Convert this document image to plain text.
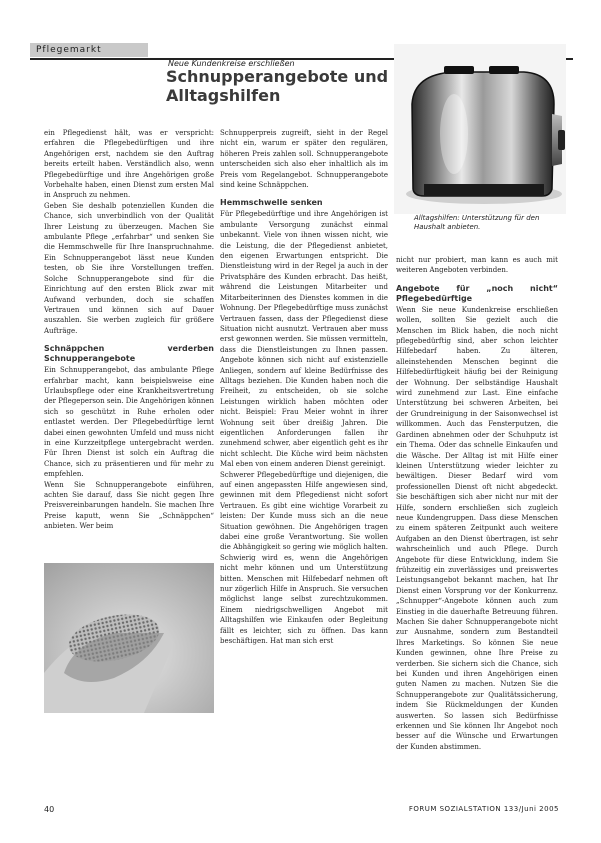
Pflegemarkt
Neue Kundenkreise erschließen
Schnupperangebote und
Alltagshilfen
Alltagshilfen: Unterstützung für den Haushalt anbieten.

ein Pflegedienst hält, was er verspricht: erfahren die Pflegebedürftigen und ihre Angehörigen erst, nachdem sie den Auftrag bereits erteilt haben. Verständlich also, wenn Pflegebedürftige und ihre Angehörigen große Vorbehalte haben, einen Dienst zum ersten Mal in Anspruch zu nehmen.

Geben Sie deshalb potenziellen Kunden die Chance, sich unverbindlich von der Qualität Ihrer Leistung zu überzeugen. Machen Sie ambulante Pflege „erfahrbar“ und senken Sie die Hemmschwelle für Ihre Inanspruchnahme. Ein Schnupperangebot lässt neue Kunden testen, ob Sie ihre Vorstellungen treffen. Solche Schnupperangebote sind für die Einrichtung auf den ersten Blick zwar mit Aufwand verbunden, doch sie schaffen Vertrauen und können sich auf Dauer auszahlen. Sie werben zugleich für größere Aufträge.

Schnäppchen verderben Schnupperangebote

Ein Schnupperangebot, das ambulante Pflege erfahrbar macht, kann beispielsweise eine Urlaubspflege oder eine Krankheitsvertretung der Pflegeperson sein. Die Angehörigen können sich so geschützt in Ruhe erholen oder entlastet werden. Der Pflegebedürftige lernt dabei einen gewohnten Umfeld und muss nicht in eine Kurzzeitpflege untergebracht werden. Für Ihren Dienst ist solch ein Auftrag die Chance, sich zu präsentieren und für mehr zu empfehlen.

Wenn Sie Schnupperangebote einführen, achten Sie darauf, dass Sie nicht gegen Ihre Preisvereinbarungen handeln. Sie machen Ihre Preise kaputt, wenn Sie „Schnäppchen“ anbieten. Wer beim

Schnupperpreis zugreift, sieht in der Regel nicht ein, warum er später den regulären, höheren Preis zahlen soll. Schnupperangebote unterscheiden sich also eher inhaltlich als im Preis vom Regelangebot. Schnupperangebote sind keine Schnäppchen.

Hemmschwelle senken

Für Pflegebedürftige und ihre Angehörigen ist ambulante Versorgung zunächst einmal unbekannt. Viele von ihnen wissen nicht, wie die Leistung, die der Pflegedienst anbietet, den eigenen Erwartungen entspricht. Die Dienstleistung wird in der Regel ja auch in der Privatsphäre des Kunden erbracht. Das heißt, während die Leistungen Mitarbeiter und Mitarbeiterinnen des Dienstes kommen in die Wohnung. Der Pflegebedürftige muss zunächst Vertrauen fassen, dass der Pflegedienst diese Situation nicht ausnutzt. Vertrauen aber muss erst gewonnen werden. Sie müssen vermitteln, dass die Dienstleistungen zu Ihnen passen. Angebote können sich nicht auf existenzielle Anliegen, sondern auf kleine Bedürfnisse des Alltags beziehen. Die Kunden haben noch die Freiheit, zu entscheiden, ob sie solche Leistungen wirklich haben möchten oder nicht. Beispiel: Frau Meier wohnt in ihrer Wohnung seit über dreißig Jahren. Die eigentlichen Anforderungen fallen ihr zunehmend schwer, aber eigentlich geht es ihr nicht schlecht. Die Küche wird beim nächsten Mal eben von einem anderen Dienst gereinigt.

Schwerer Pflegebedürftige und diejenigen, die auf einen angepassten Hilfe angewiesen sind, gewinnen mit dem Pflegedienst nicht sofort Vertrauen. Es gibt eine wichtige Vorarbeit zu leisten: Der Kunde muss sich an die neue Situation gewöhnen. Die Angehörigen tragen dabei eine große Verantwortung. Sie wollen die Abhängigkeit so gering wie möglich halten. Schwierig wird es, wenn die Angehörigen nicht mehr können und um Unterstützung bitten. Menschen mit Hilfebedarf nehmen oft nur zögerlich Hilfe in Anspruch. Sie versuchen möglichst lange selbst zurechtzukommen. Einem niedrigschwelligen Angebot mit Alltagshilfen wie Einkaufen oder Begleitung fällt es leichter, sich zu öffnen. Das kann beschäftigen. Hat man sich erst

nicht nur probiert, man kann es auch mit weiteren Angeboten verbinden.

Angebote für „noch nicht“ Pflegebedürftige

Wenn Sie neue Kundenkreise erschließen wollen, sollten Sie gezielt auch die Menschen im Blick haben, die noch nicht pflegebedürftig sind, aber schon leichter Hilfebedarf haben. Zu älteren, alleinstehenden Menschen beginnt die Hilfebedürftigkeit häufig bei der Reinigung der Wohnung. Der selbständige Haushalt wird zunehmend zur Last. Eine einfache Unterstützung bei schweren Arbeiten, bei der Grundreinigung in der Saisonwechsel ist willkommen. Auch das Fensterputzen, die Gardinen abnehmen oder der Schuhputz ist ein Thema. Oder das schnelle Einkaufen und die Wäsche. Der Alltag ist mit Hilfe einer kleinen Unterstützung wieder leichter zu bewältigen. Dieser Bedarf wird vom professionellen Dienst oft nicht abgedeckt. Sie beschäftigen sich aber nicht nur mit der Hilfe, sondern erschließen sich zugleich neue Kundengruppen. Dass diese Menschen zu einem späteren Zeitpunkt auch weitere Aufgaben an den Dienst übertragen, ist sehr wahrscheinlich und auch Pflege. Durch Angebote für diese Entwicklung, indem Sie frühzeitig ein zuverlässiges und preiswertes Leistungsangebot bekannt machen, hat Ihr Dienst einen Vorsprung vor der Konkurrenz. „Schnupper“-Angebote können auch zum Einstieg in die dauerhafte Betreuung führen. Machen Sie daher Schnupperangebote nicht zur Ausnahme, sondern zum Bestandteil Ihres Marketings. So können Sie neue Kunden gewinnen, ohne Ihre Preise zu verderben. Sie sichern sich die Chance, sich bei Kunden und ihren Angehörigen einen guten Namen zu machen. Nutzen Sie die Schnupperangebote zur Qualitätssicherung, indem Sie Rückmeldungen der Kunden auswerten. So lassen sich Bedürfnisse erkennen und Sie können Ihr Angebot noch besser auf die Wünsche und Erwartungen der Kunden abstimmen.

40	FORUM SOZIALSTATION 133/Juni 2005
